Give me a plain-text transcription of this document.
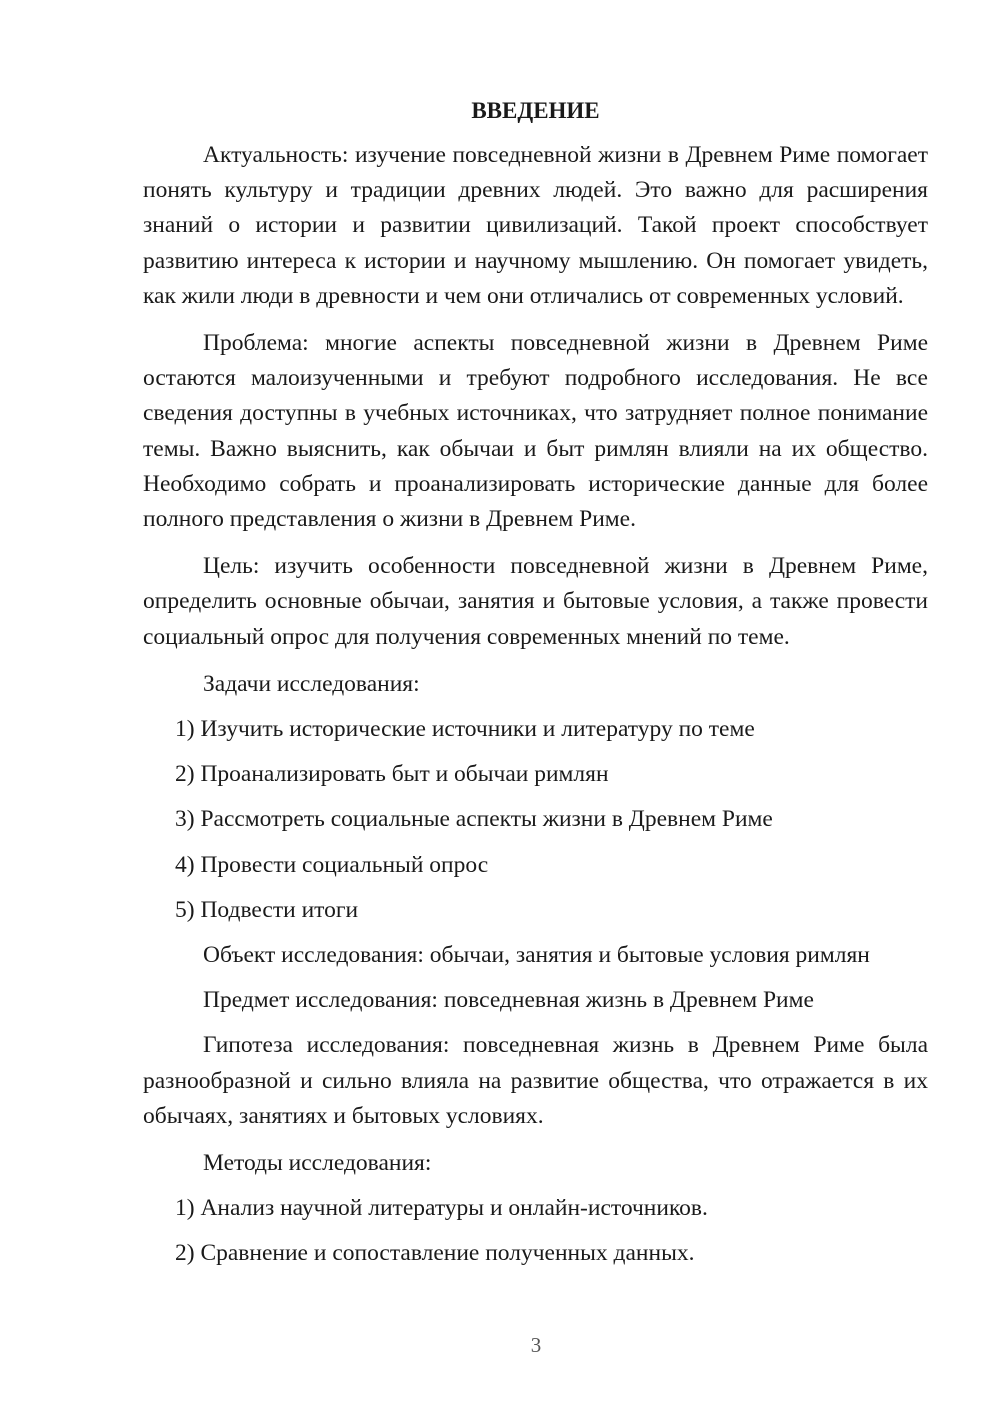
ВВЕДЕНИЕ

Актуальность: изучение повседневной жизни в Древнем Риме помогает понять культуру и традиции древних людей. Это важно для расширения знаний о истории и развитии цивилизаций. Такой проект способствует развитию интереса к истории и научному мышлению. Он помогает увидеть, как жили люди в древности и чем они отличались от современных условий.

Проблема: многие аспекты повседневной жизни в Древнем Риме остаются малоизученными и требуют подробного исследования. Не все сведения доступны в учебных источниках, что затрудняет полное понимание темы. Важно выяснить, как обычаи и быт римлян влияли на их общество. Необходимо собрать и проанализировать исторические данные для более полного представления о жизни в Древнем Риме.

Цель: изучить особенности повседневной жизни в Древнем Риме, определить основные обычаи, занятия и бытовые условия, а также провести социальный опрос для получения современных мнений по теме.

Задачи исследования:

1) Изучить исторические источники и литературу по теме

2) Проанализировать быт и обычаи римлян

3) Рассмотреть социальные аспекты жизни в Древнем Риме

4) Провести социальный опрос

5) Подвести итоги

Объект исследования: обычаи, занятия и бытовые условия римлян

Предмет исследования: повседневная жизнь в Древнем Риме

Гипотеза исследования: повседневная жизнь в Древнем Риме была разнообразной и сильно влияла на развитие общества, что отражается в их обычаях, занятиях и бытовых условиях.

Методы исследования:

1) Анализ научной литературы и онлайн-источников.

2) Сравнение и сопоставление полученных данных.

3
